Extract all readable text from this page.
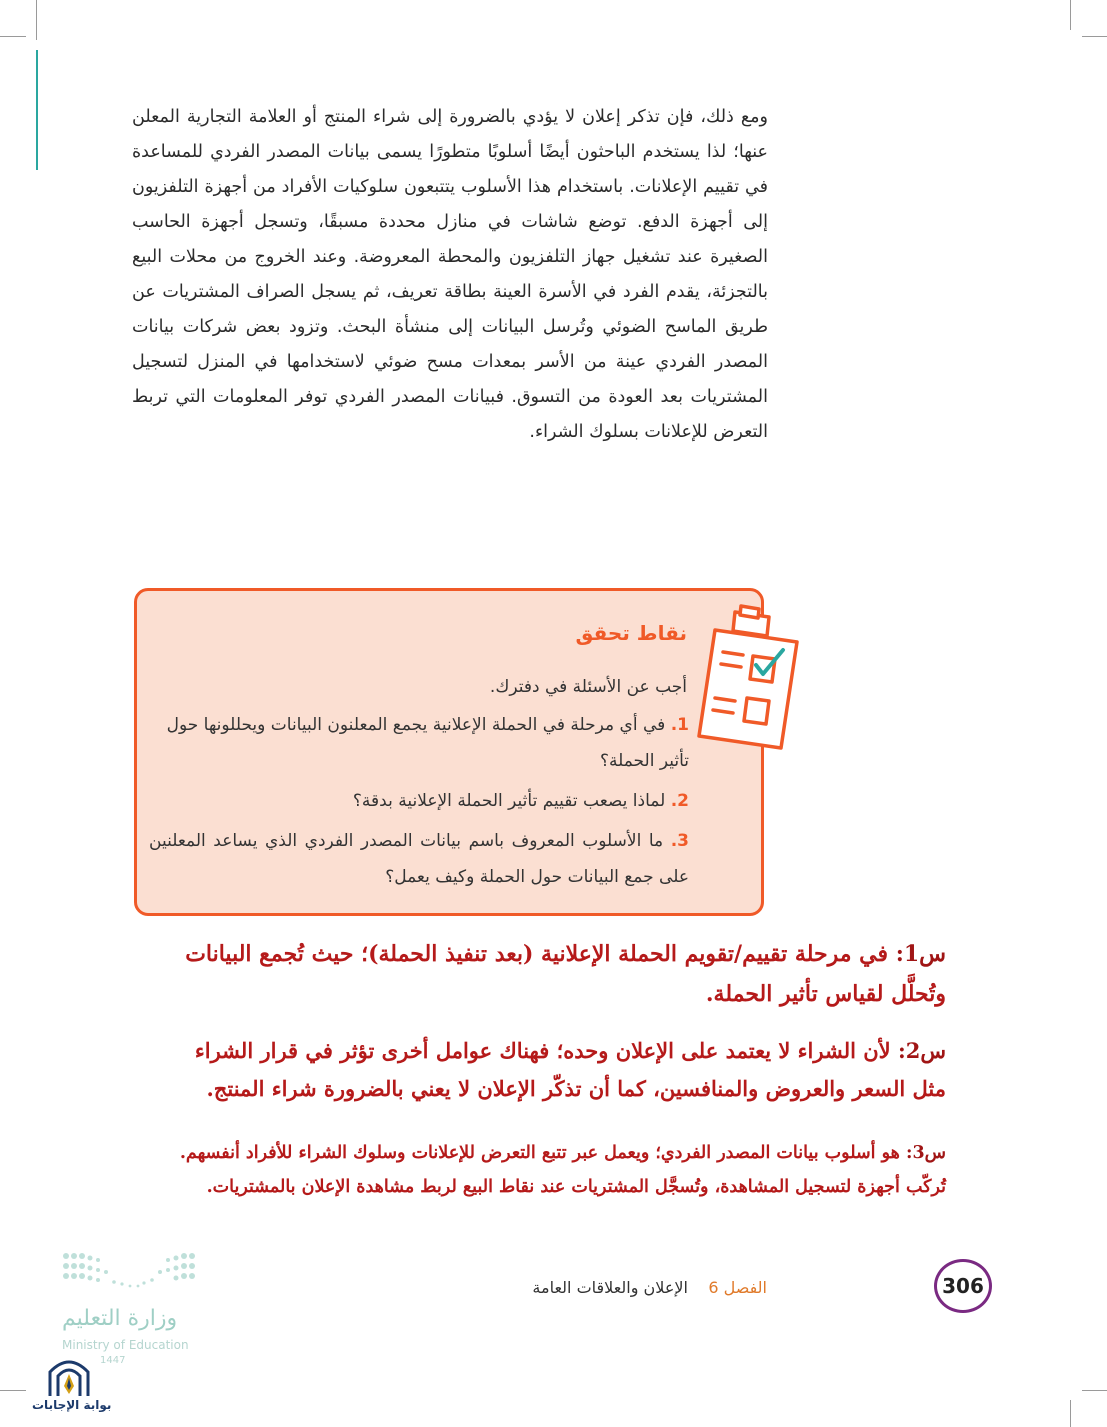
ومع ذلك، فإن تذكر إعلان لا يؤدي بالضرورة إلى شراء المنتج أو العلامة التجارية المعلن عنها؛ لذا يستخدم الباحثون أيضًا أسلوبًا متطورًا يسمى بيانات المصدر الفردي للمساعدة في تقييم الإعلانات. باستخدام هذا الأسلوب يتتبعون سلوكيات الأفراد من أجهزة التلفزيون إلى أجهزة الدفع. توضع شاشات في منازل محددة مسبقًا، وتسجل أجهزة الحاسب الصغيرة عند تشغيل جهاز التلفزيون والمحطة المعروضة. وعند الخروج من محلات البيع بالتجزئة، يقدم الفرد في الأسرة العينة بطاقة تعريف، ثم يسجل الصراف المشتريات عن طريق الماسح الضوئي وتُرسل البيانات إلى منشأة البحث. وتزود بعض شركات بيانات المصدر الفردي عينة من الأسر بمعدات مسح ضوئي لاستخدامها في المنزل لتسجيل المشتريات بعد العودة من التسوق. فبيانات المصدر الفردي توفر المعلومات التي تربط التعرض للإعلانات بسلوك الشراء.
نقاط تحقق
أجب عن الأسئلة في دفترك.
1. في أي مرحلة في الحملة الإعلانية يجمع المعلنون البيانات ويحللونها حول تأثير الحملة؟
2. لماذا يصعب تقييم تأثير الحملة الإعلانية بدقة؟
3. ما الأسلوب المعروف باسم بيانات المصدر الفردي الذي يساعد المعلنين على جمع البيانات حول الحملة وكيف يعمل؟
س1: في مرحلة تقييم/تقويم الحملة الإعلانية (بعد تنفيذ الحملة)؛ حيث تُجمع البيانات وتُحلَّل لقياس تأثير الحملة.
س2: لأن الشراء لا يعتمد على الإعلان وحده؛ فهناك عوامل أخرى تؤثر في قرار الشراء مثل السعر والعروض والمنافسين، كما أن تذكّر الإعلان لا يعني بالضرورة شراء المنتج.
س3: هو أسلوب بيانات المصدر الفردي؛ ويعمل عبر تتبع التعرض للإعلانات وسلوك الشراء للأفراد أنفسهم.
تُركّب أجهزة لتسجيل المشاهدة، وتُسجَّل المشتريات عند نقاط البيع لربط مشاهدة الإعلان بالمشتريات.
306
الفصل 6    الإعلان والعلاقات العامة
وزارة التعليم
Ministry of Education
1447
بوابة الإجابات
